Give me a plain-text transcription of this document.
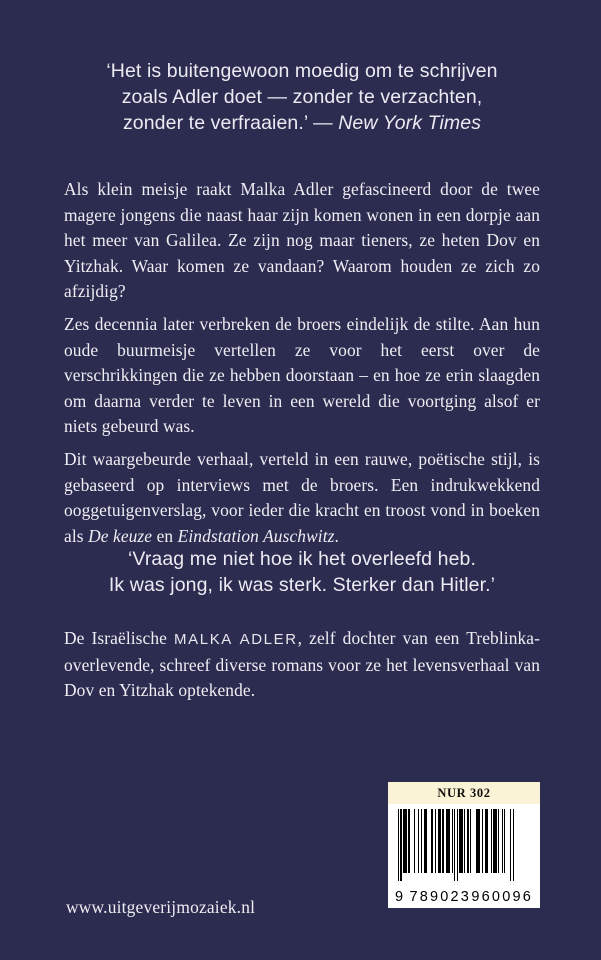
‘Het is buitengewoon moedig om te schrijven
zoals Adler doet — zonder te verzachten,
zonder te verfraaien.’ — New York Times

Als klein meisje raakt Malka Adler gefascineerd door de twee magere jongens die naast haar zijn komen wonen in een dorpje aan het meer van Galilea. Ze zijn nog maar tieners, ze heten Dov en Yitzhak. Waar komen ze vandaan? Waarom houden ze zich zo afzijdig?

Zes decennia later verbreken de broers eindelijk de stilte. Aan hun oude buurmeisje vertellen ze voor het eerst over de verschrikkingen die ze hebben doorstaan – en hoe ze erin slaagden om daarna verder te leven in een wereld die voortging alsof er niets gebeurd was.

Dit waargebeurde verhaal, verteld in een rauwe, poëtische stijl, is gebaseerd op interviews met de broers. Een indrukwekkend ooggetuigenverslag, voor ieder die kracht en troost vond in boeken als De keuze en Eindstation Auschwitz.

‘Vraag me niet hoe ik het overleefd heb.
Ik was jong, ik was sterk. Sterker dan Hitler.’

De Israëlische MALKA ADLER, zelf dochter van een Treblinka-overlevende, schreef diverse romans voor ze het levensverhaal van Dov en Yitzhak optekende.

www.uitgeverijmozaiek.nl
NUR 302
9 789023 960096
